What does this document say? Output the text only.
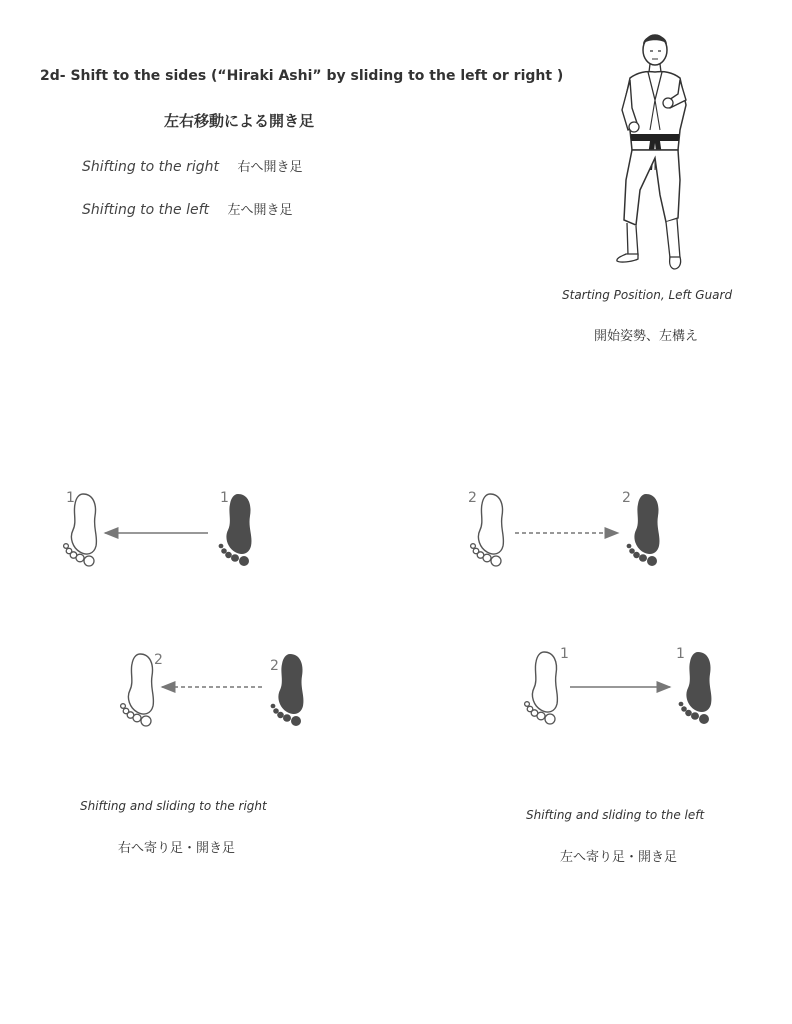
2d- Shift to the sides (“Hiraki Ashi” by sliding to the left or right )
左右移動による開き足
Shifting to the right 右へ開き足
Shifting to the left 左へ開き足
Starting Position, Left Guard
開始姿勢、左構え
1	1
2	2
2	2
1	1
Shifting and sliding to the right
右へ寄り足・開き足
Shifting and sliding to the left
左へ寄り足・開き足
